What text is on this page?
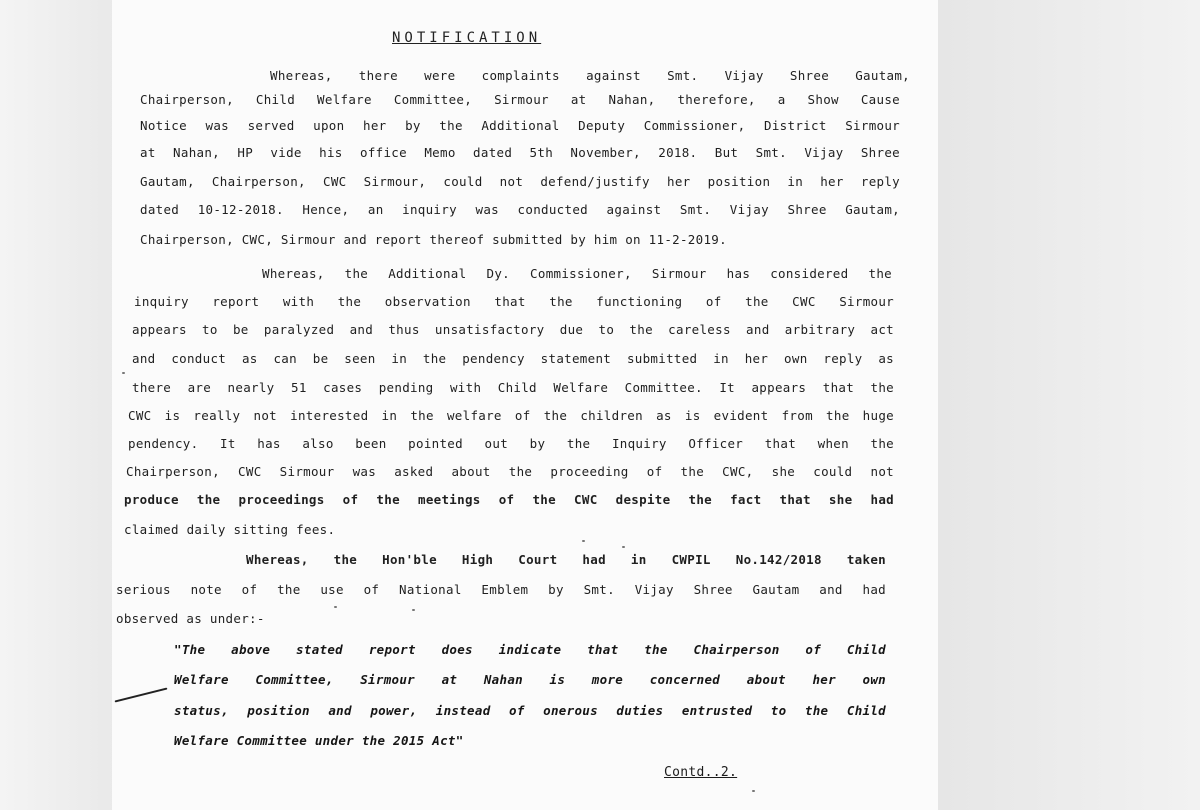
NOTIFICATION
Whereas, there were complaints against Smt. Vijay Shree Gautam,
Chairperson, Child Welfare Committee, Sirmour at Nahan, therefore, a Show Cause
Notice was served upon her by the Additional Deputy Commissioner, District Sirmour
at Nahan, HP vide his office Memo dated 5th November, 2018. But Smt. Vijay Shree
Gautam, Chairperson, CWC Sirmour, could not defend/justify her position in her reply
dated 10-12-2018. Hence, an inquiry was conducted against Smt. Vijay Shree Gautam,
Chairperson, CWC, Sirmour and report thereof submitted by him on 11-2-2019.
Whereas, the Additional Dy. Commissioner, Sirmour has considered the
inquiry report with the observation that the functioning of the CWC Sirmour
appears to be paralyzed and thus unsatisfactory due to the careless and arbitrary act
and conduct as can be seen in the pendency statement submitted in her own reply as
there are nearly 51 cases pending with Child Welfare Committee. It appears that the
CWC is really not interested in the welfare of the children as is evident from the huge
pendency. It has also been pointed out by the Inquiry Officer that when the
Chairperson, CWC Sirmour was asked about the proceeding of the CWC, she could not
produce the proceedings of the meetings of the CWC despite the fact that she had
claimed daily sitting fees.
Whereas, the Hon'ble High Court had in CWPIL No.142/2018 taken
serious note of the use of National Emblem by Smt. Vijay Shree Gautam and had
observed as under:-
"The above stated report does indicate that the Chairperson of Child
Welfare Committee, Sirmour at Nahan is more concerned about her own
status, position and power, instead of onerous duties entrusted to the Child
Welfare Committee under the 2015 Act"
Contd..2.
